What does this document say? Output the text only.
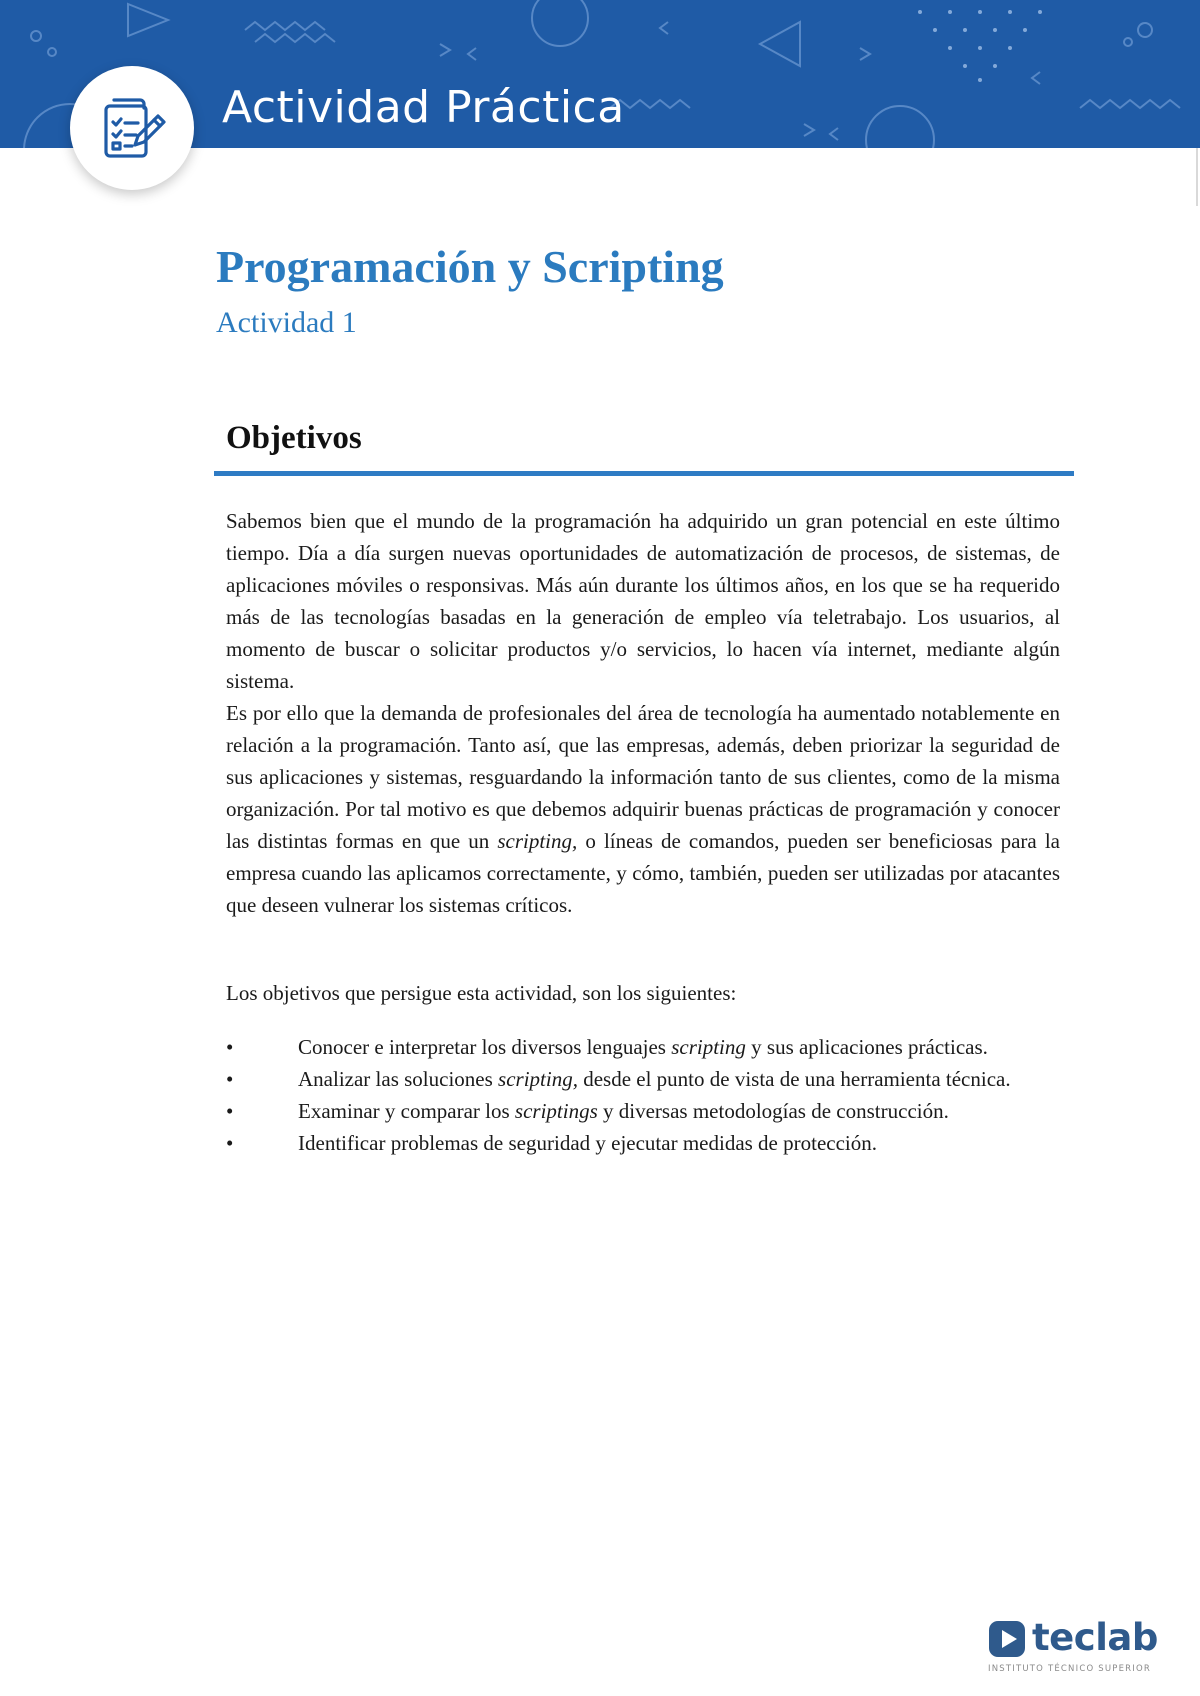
Actividad Práctica
Programación y Scripting
Actividad 1
Objetivos

Sabemos bien que el mundo de la programación ha adquirido un gran potencial en este último tiempo. Día a día surgen nuevas oportunidades de automatización de procesos, de sistemas, de aplicaciones móviles o responsivas. Más aún durante los últimos años, en los que se ha requerido más de las tecnologías basadas en la generación de empleo vía teletrabajo. Los usuarios, al momento de buscar o solicitar productos y/o servicios, lo hacen vía internet, mediante algún sistema.

Es por ello que la demanda de profesionales del área de tecnología ha aumentado notablemente en relación a la programación. Tanto así, que las empresas, además, deben priorizar la seguridad de sus aplicaciones y sistemas, resguardando la información tanto de sus clientes, como de la misma organización. Por tal motivo es que debemos adquirir buenas prácticas de programación y conocer las distintas formas en que un scripting, o líneas de comandos, pueden ser beneficiosas para la empresa cuando las aplicamos correctamente, y cómo, también, pueden ser utilizadas por atacantes que deseen vulnerar los sistemas críticos.

Los objetivos que persigue esta actividad, son los siguientes:
•	Conocer e interpretar los diversos lenguajes scripting y sus aplicaciones prácticas.
•	Analizar las soluciones scripting, desde el punto de vista de una herramienta técnica.
•	Examinar y comparar los scriptings y diversas metodologías de construcción.
•	Identificar problemas de seguridad y ejecutar medidas de protección.
teclab
INSTITUTO TÉCNICO SUPERIOR
